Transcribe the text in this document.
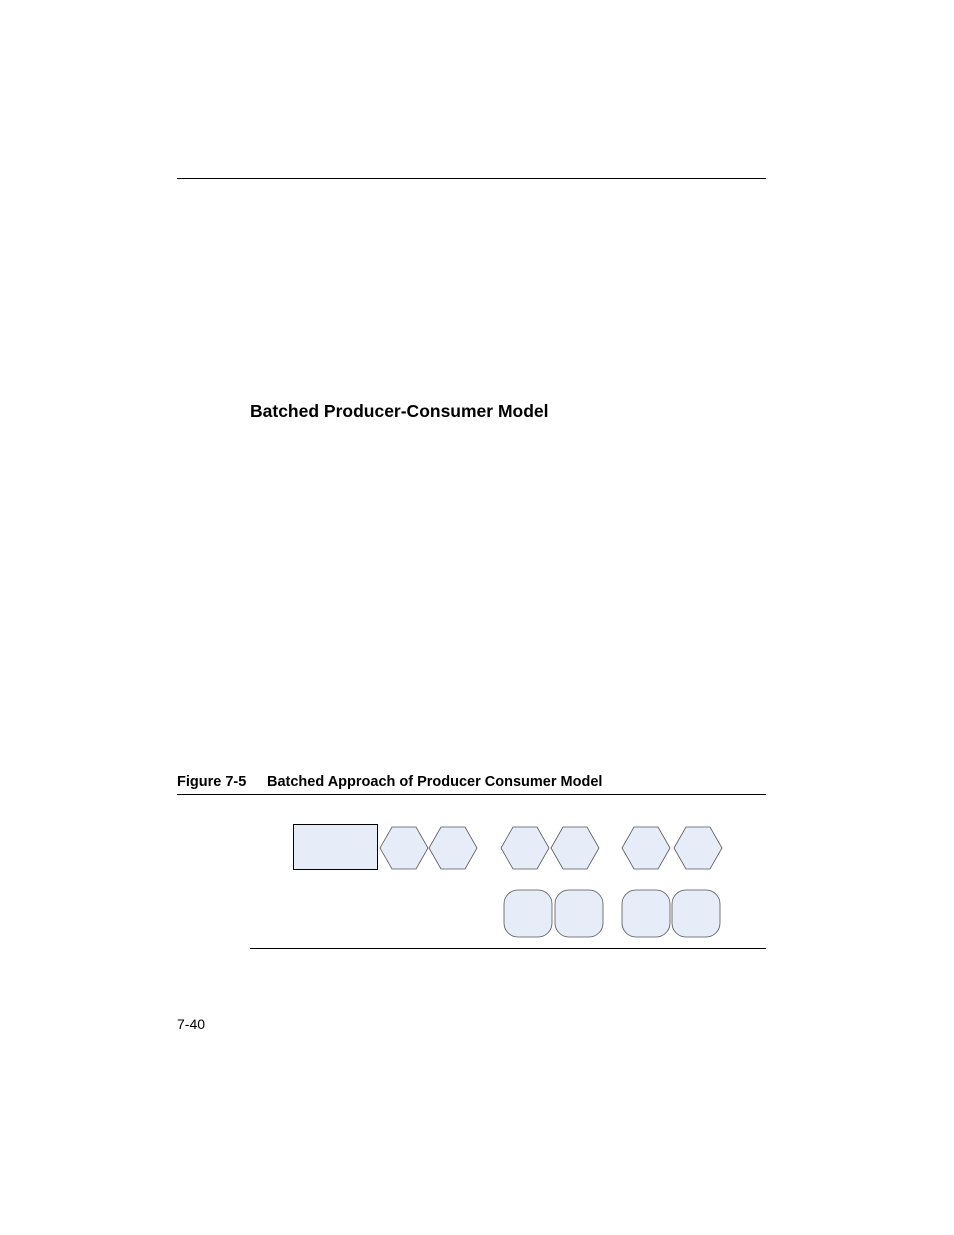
Batched Producer-Consumer Model
Figure 7-5 Batched Approach of Producer Consumer Model
7-40
